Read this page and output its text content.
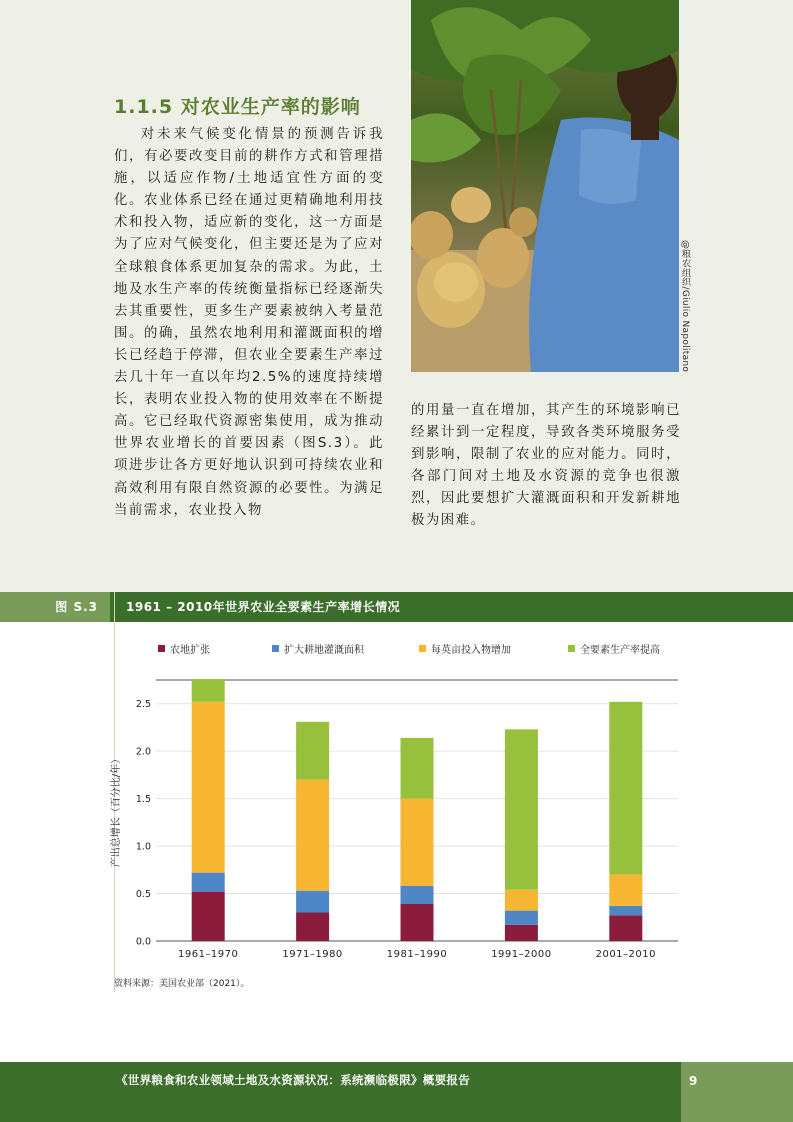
1.1.5 对农业生产率的影响
对未来气候变化情景的预测告诉我们，有必要改变目前的耕作方式和管理措施，以适应作物/土地适宜性方面的变化。农业体系已经在通过更精确地利用技术和投入物，适应新的变化，这一方面是为了应对气候变化，但主要还是为了应对全球粮食体系更加复杂的需求。为此，土地及水生产率的传统衡量指标已经逐渐失去其重要性，更多生产要素被纳入考量范围。的确，虽然农地利用和灌溉面积的增长已经趋于停滞，但农业全要素生产率过去几十年一直以年均2.5%的速度持续增长，表明农业投入物的使用效率在不断提高。它已经取代资源密集使用，成为推动世界农业增长的首要因素（图S.3）。此项进步让各方更好地认识到可持续农业和高效利用有限自然资源的必要性。为满足当前需求，农业投入物
的用量一直在增加，其产生的环境影响已经累计到一定程度，导致各类环境服务受到影响，限制了农业的应对能力。同时，各部门间对土地及水资源的竞争也很激烈，因此要想扩大灌溉面积和开发新耕地极为困难。
@粮农组织/Giulio Napolitano
图 S.3	1961 – 2010年世界农业全要素生产率增长情况
农地扩张	扩大耕地灌溉面积	每英亩投入物增加	全要素生产率提高
0.0
0.5
1.0
1.5
2.0
2.5
产出总增长（百分比/年）
1961–1970	1971–1980	1981–1990	1991–2000	2001–2010
资料来源：美国农业部（2021）。
《世界粮食和农业领域土地及水资源状况：系统濒临极限》概要报告	9
